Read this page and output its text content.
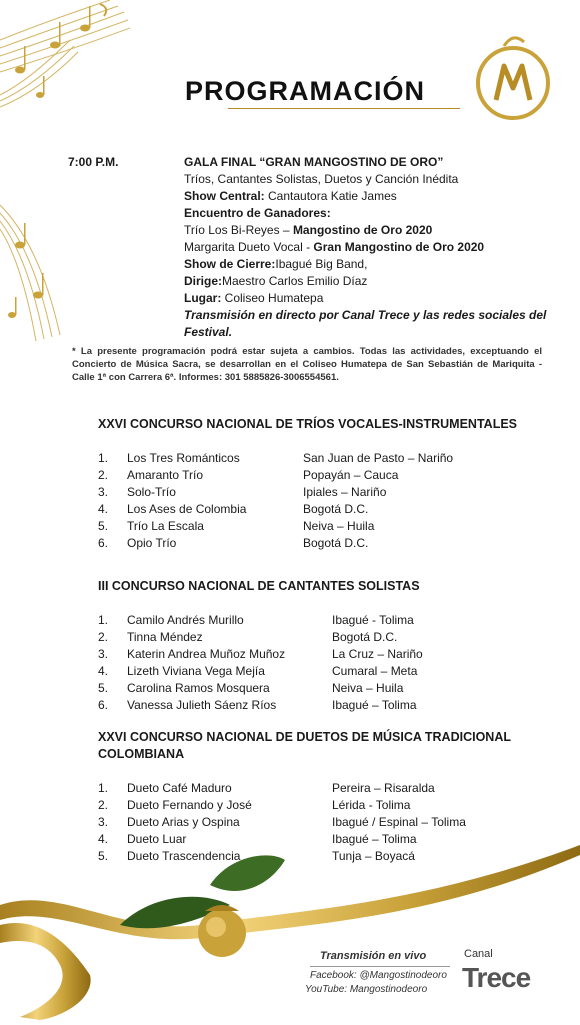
PROGRAMACIÓN
7:00 P.M.	GALA FINAL “GRAN MANGOSTINO DE ORO”
Tríos, Cantantes Solistas, Duetos y Canción Inédita
Show Central: Cantautora Katie James
Encuentro de Ganadores:
Trío Los Bi-Reyes – Mangostino de Oro 2020
Margarita Dueto Vocal - Gran Mangostino de Oro 2020
Show de Cierre:Ibagué Big Band,
Dirige:Maestro Carlos Emilio Díaz
Lugar: Coliseo Humatepa
Transmisión en directo por Canal Trece y las redes sociales del Festival.
* La presente programación podrá estar sujeta a cambios. Todas las actividades, exceptuando el Concierto de Música Sacra, se desarrollan en el Coliseo Humatepa de San Sebastián de Mariquita - Calle 1ª con Carrera 6ª. Informes: 301 5885826-3006554561.
XXVI CONCURSO NACIONAL DE TRÍOS VOCALES-INSTRUMENTALES
1. Los Tres Románticos	San Juan de Pasto – Nariño
2. Amaranto Trío	Popayán – Cauca
3. Solo-Trío	Ipiales – Nariño
4. Los Ases de Colombia	Bogotá D.C.
5. Trío La Escala	Neiva – Huila
6. Opio Trío	Bogotá D.C.
III CONCURSO NACIONAL DE CANTANTES SOLISTAS
1. Camilo Andrés Murillo	Ibagué - Tolima
2. Tinna Méndez	Bogotá D.C.
3. Katerin Andrea Muñoz Muñoz	La Cruz – Nariño
4. Lizeth Viviana Vega Mejía	Cumaral – Meta
5. Carolina Ramos Mosquera	Neiva – Huila
6. Vanessa Julieth Sáenz Ríos	Ibagué – Tolima
XXVI CONCURSO NACIONAL DE DUETOS DE MÚSICA TRADICIONAL
COLOMBIANA
1. Dueto Café Maduro	Pereira – Risaralda
2. Dueto Fernando y José	Lérida - Tolima
3. Dueto Arias y Ospina	Ibagué / Espinal – Tolima
4. Dueto Luar	Ibagué – Tolima
5. Dueto Trascendencia	Tunja – Boyacá
Transmisión en vivo
Facebook: @Mangostinodeoro
YouTube: Mangostinodeoro
Canal
Trece
